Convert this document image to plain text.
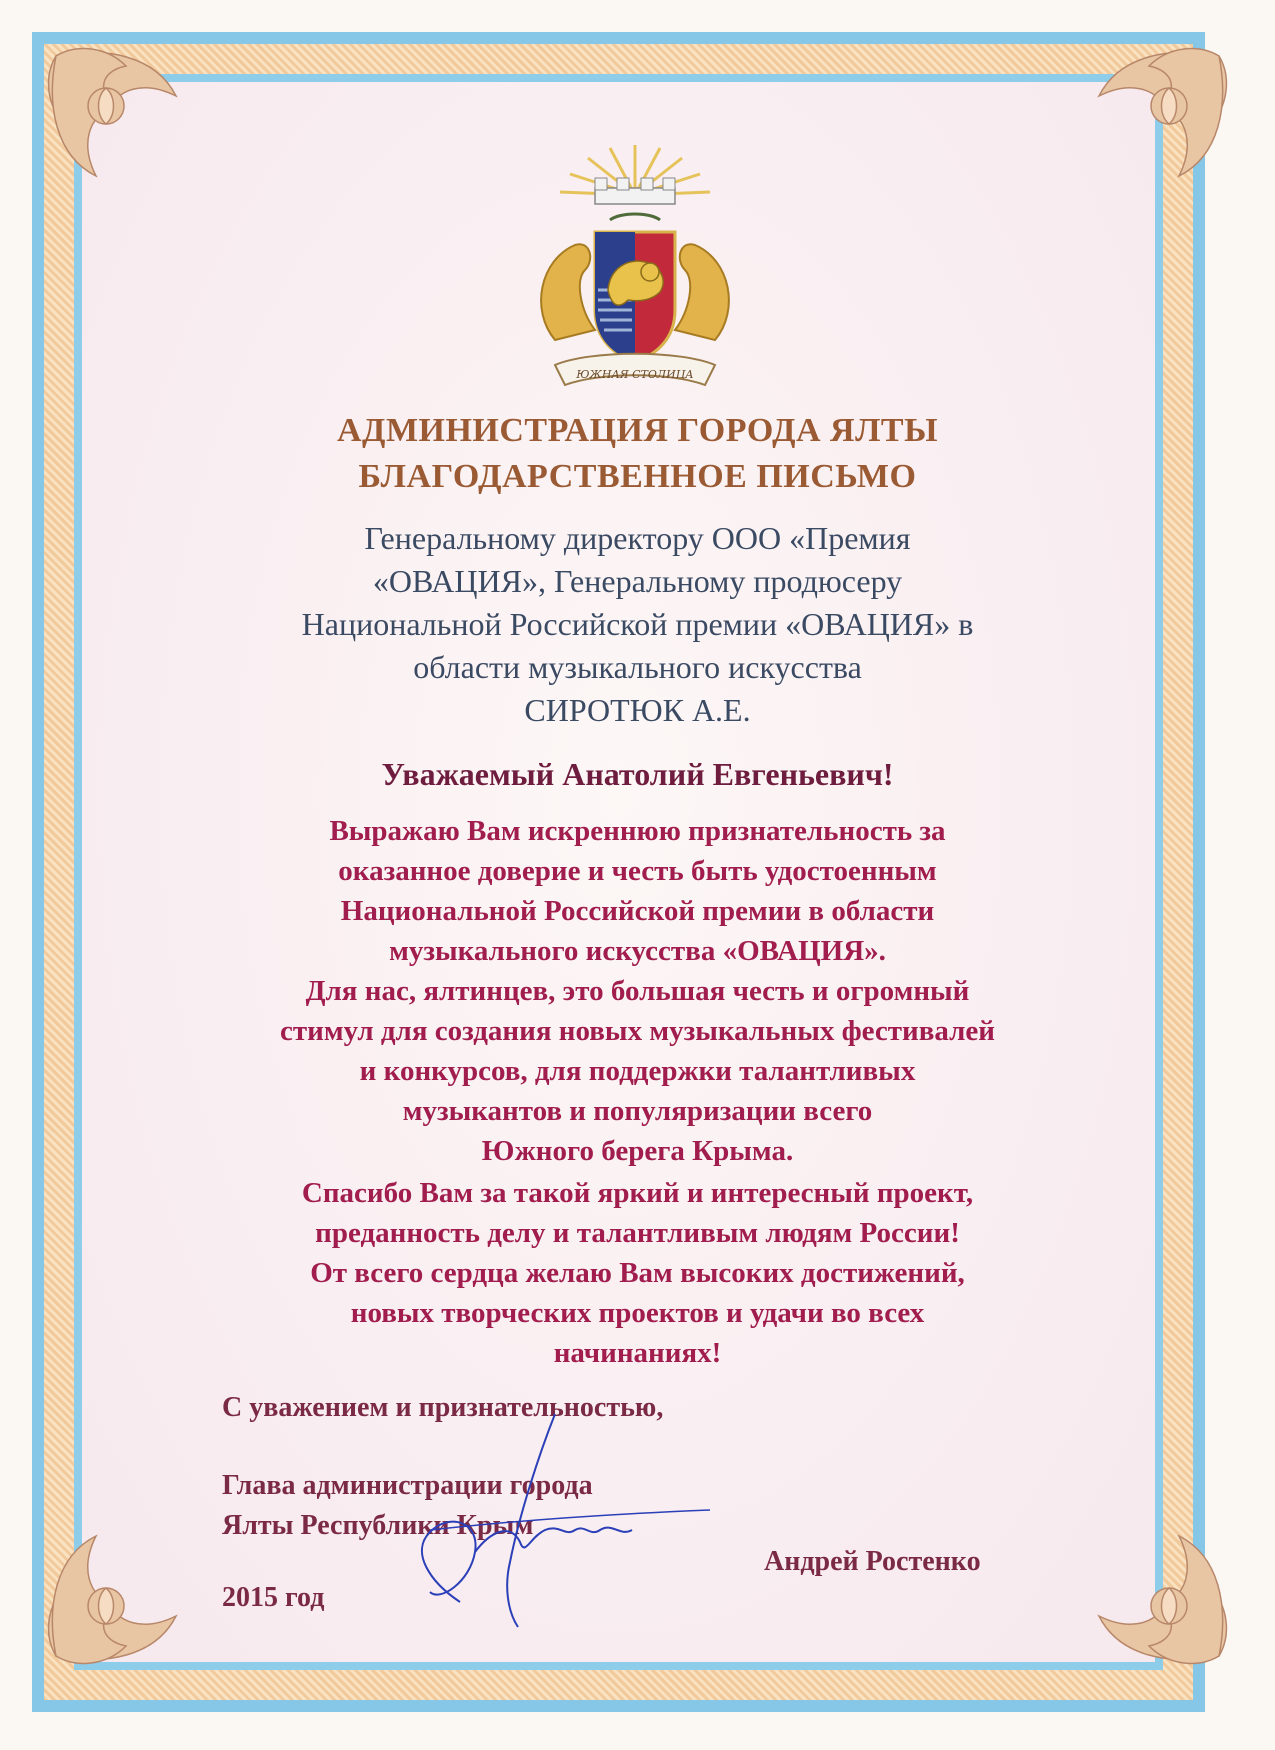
ЮЖНАЯ СТОЛИЦА

АДМИНИСТРАЦИЯ ГОРОДА ЯЛТЫ

БЛАГОДАРСТВЕННОЕ ПИСЬМО

Генеральному директору ООО «Премия

«ОВАЦИЯ», Генеральному продюсеру

Национальной Российской премии «ОВАЦИЯ» в

области музыкального искусства

СИРОТЮК А.Е.

Уважаемый Анатолий Евгеньевич!

Выражаю Вам искреннюю признательность за

оказанное доверие и честь быть удостоенным

Национальной Российской премии в области

музыкального искусства «ОВАЦИЯ».

Для нас, ялтинцев, это большая честь и огромный

стимул для создания новых музыкальных фестивалей

и конкурсов, для поддержки талантливых

музыкантов и популяризации всего

Южного берега Крыма.

Спасибо Вам за такой яркий и интересный проект,

преданность делу и талантливым людям России!

От всего сердца желаю Вам высоких достижений,

новых творческих проектов и удачи во всех

начинаниях!

С уважением и признательностью,

Глава администрации города

Ялты Республики Крым

Андрей Ростенко

2015 год
